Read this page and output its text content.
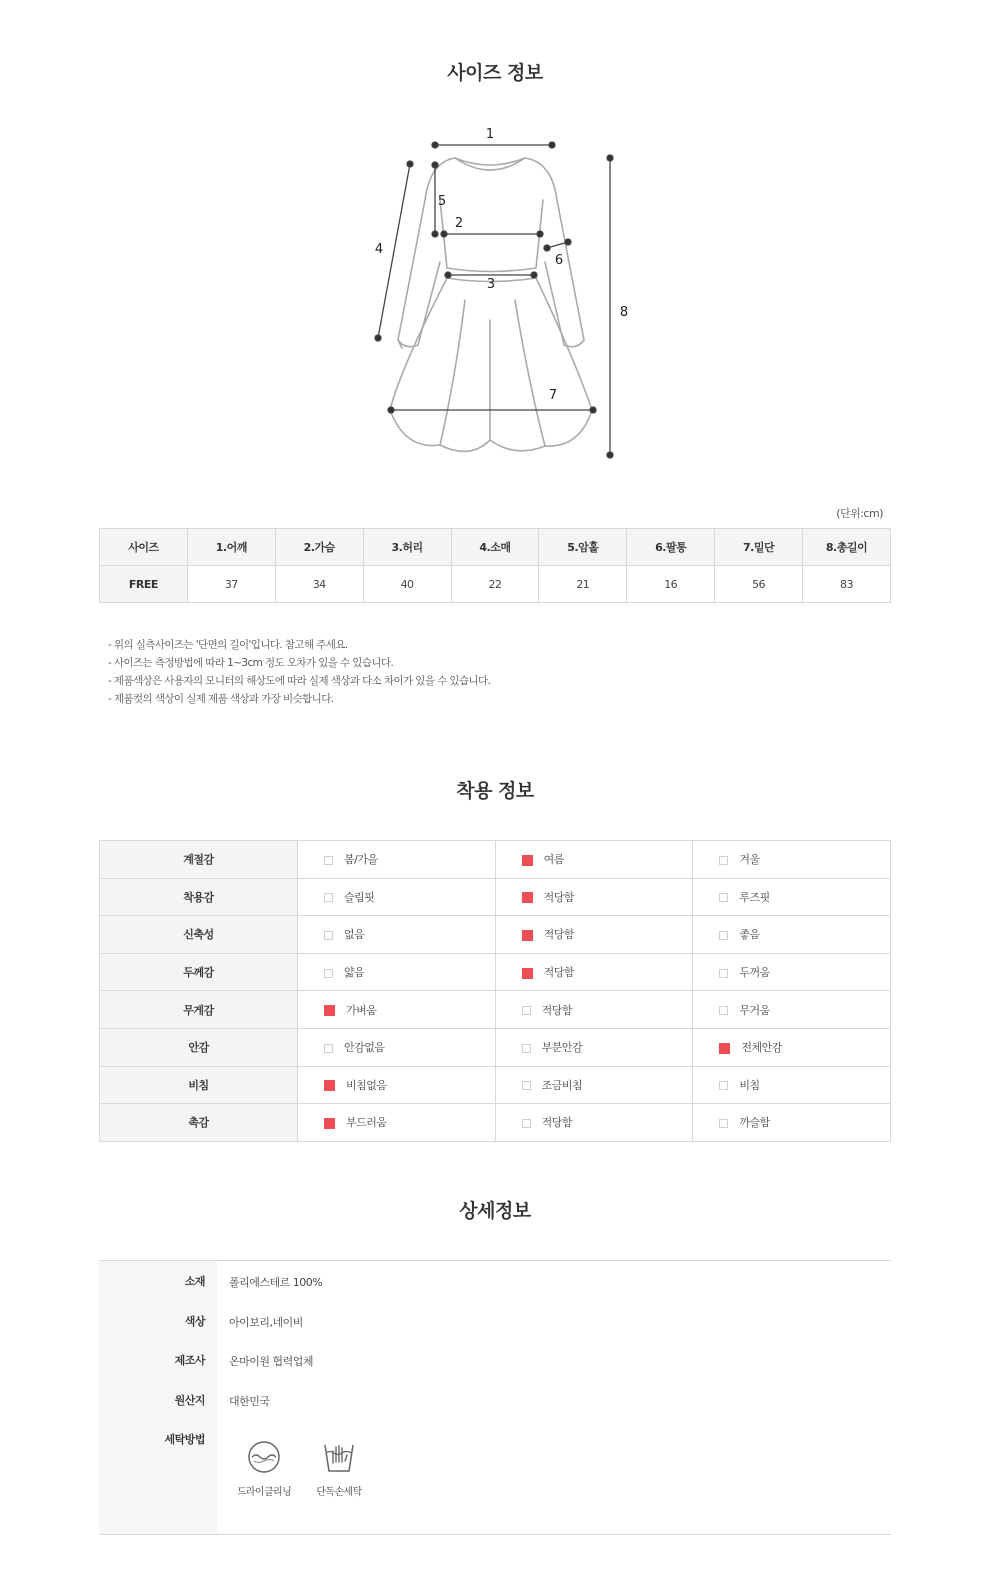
사이즈 정보
1
2
3
4
5
6
7
8
(단위:cm)
사이즈	1.어깨	2.가슴	3.허리	4.소매	5.암홀	6.팔통	7.밑단	8.총길이
FREE	37	34	40	22	21	16	56	83
- 위의 실측사이즈는 '단면의 길이'입니다. 참고해 주세요.
- 사이즈는 측정방법에 따라 1~3cm 정도 오차가 있을 수 있습니다.
- 제품색상은 사용자의 모니터의 해상도에 따라 실제 색상과 다소 차이가 있을 수 있습니다.
- 제품컷의 색상이 실제 제품 색상과 가장 비슷합니다.
착용 정보
계절감	봄/가을	여름	겨울
착용감	슬림핏	적당함	루즈핏
신축성	없음	적당함	좋음
두께감	얇음	적당함	두꺼움
무게감	가벼움	적당함	무거움
안감	안감없음	부분안감	전체안감
비침	비침없음	조금비침	비침
촉감	부드러움	적당함	까슬함
상세정보
소재 폴리에스테르 100%
색상 아이보리,네이비
제조사 온마이원 협력업체
원산지 대한민국
세탁방법
드라이클리닝	단독손세탁
